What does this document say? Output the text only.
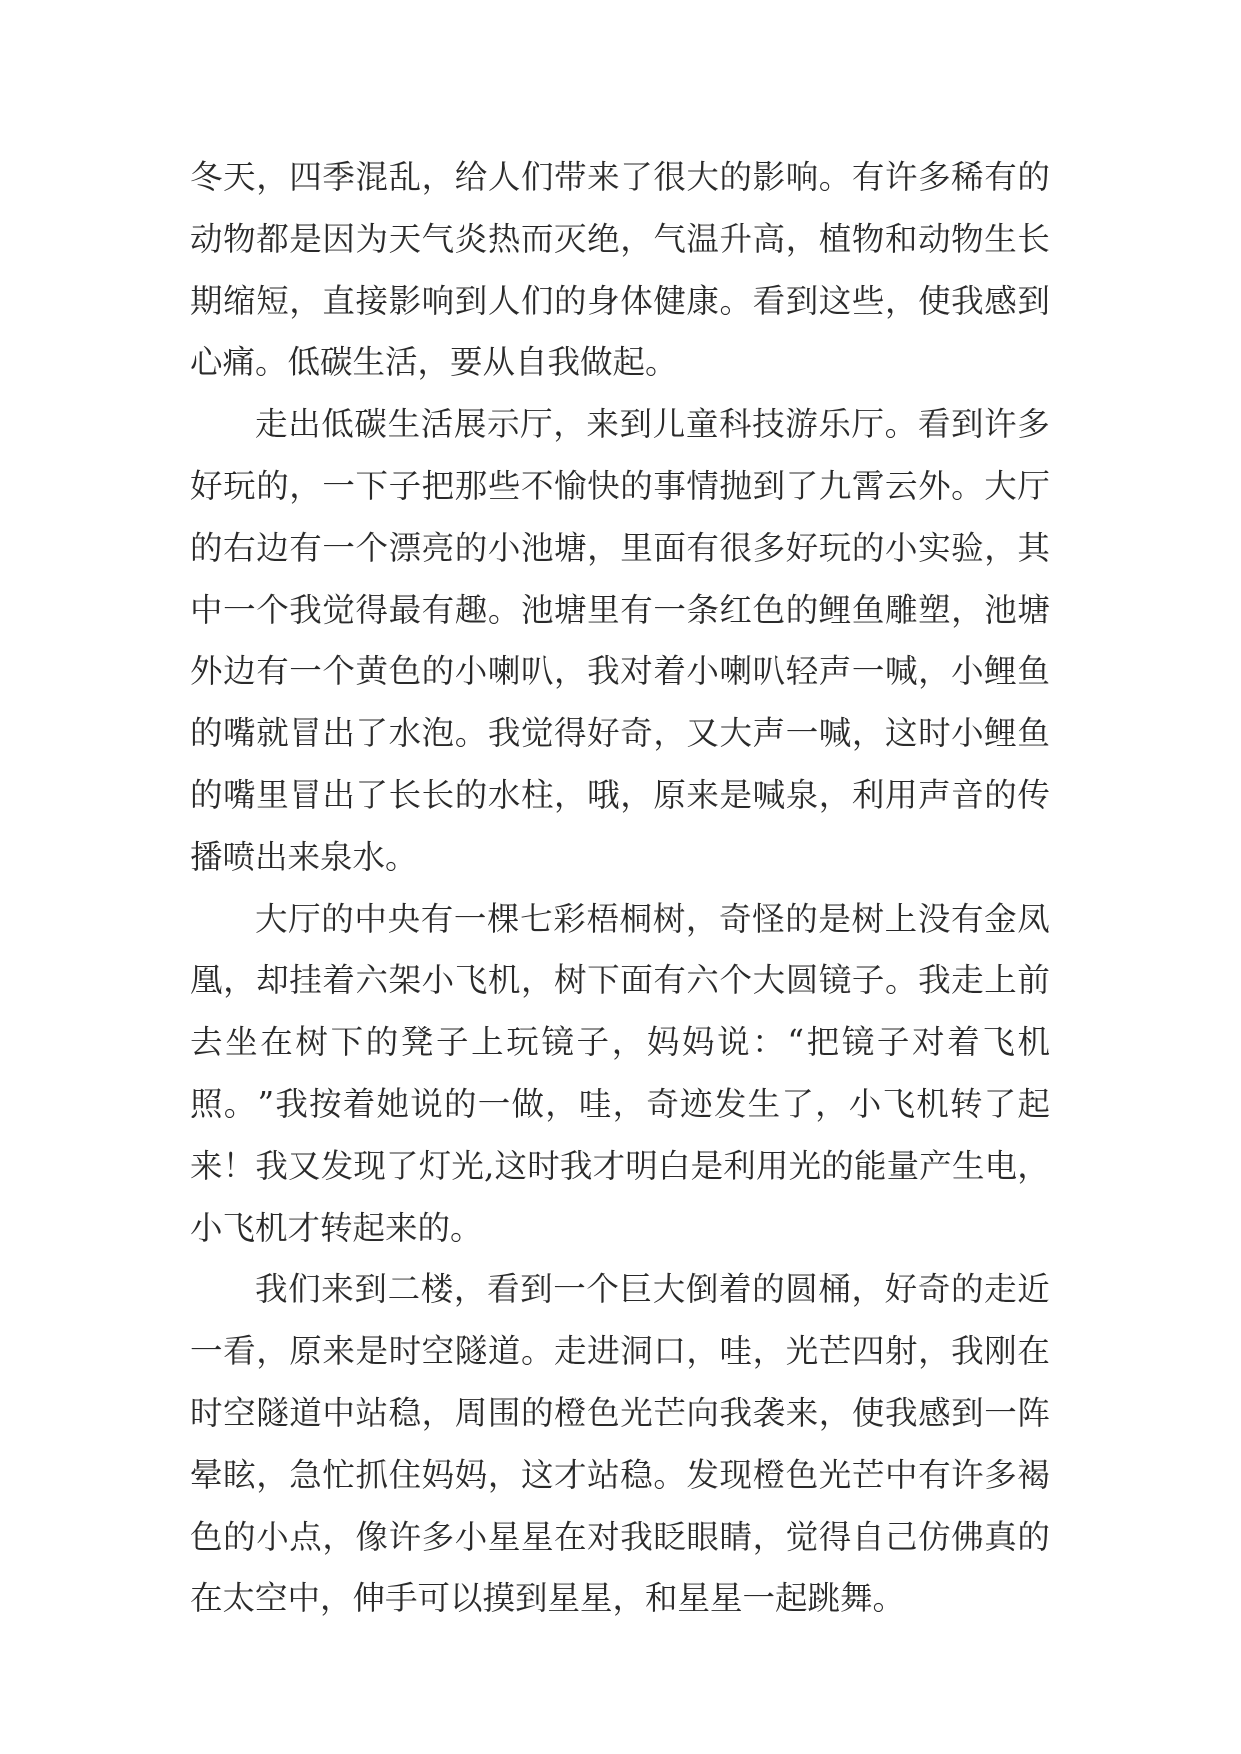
冬 天 ， 四 季 混 乱 ， 给 人 们 带 来 了 很 大 的 影 响 。 有 许 多 稀 有 的
动 物 都 是 因 为 天 气 炎 热 而 灭 绝 ， 气 温 升 高 ， 植 物 和 动 物 生 长
期 缩 短 ， 直 接 影 响 到 人 们 的 身 体 健 康 。 看 到 这 些 ， 使 我 感 到
心痛。低碳生活，要从自我做起。
走 出 低 碳 生 活 展 示 厅 ， 来 到 儿 童 科 技 游 乐 厅 。 看 到 许 多
好 玩 的 ， 一 下 子 把 那 些 不 愉 快 的 事 情 抛 到 了 九 霄 云 外 。 大 厅
的 右 边 有 一 个 漂 亮 的 小 池 塘 ， 里 面 有 很 多 好 玩 的 小 实 验 ， 其
中 一 个 我 觉 得 最 有 趣 。 池 塘 里 有 一 条 红 色 的 鲤 鱼 雕 塑 ， 池 塘
外 边 有 一 个 黄 色 的 小 喇 叭 ， 我 对 着 小 喇 叭 轻 声 一 喊 ， 小 鲤 鱼
的 嘴 就 冒 出 了 水 泡 。 我 觉 得 好 奇 ， 又 大 声 一 喊 ， 这 时 小 鲤 鱼
的 嘴 里 冒 出 了 长 长 的 水 柱 ， 哦 ， 原 来 是 喊 泉 ， 利 用 声 音 的 传
播喷出来泉水。
大 厅 的 中 央 有 一 棵 七 彩 梧 桐 树 ， 奇 怪 的 是 树 上 没 有 金 凤
凰 ， 却 挂 着 六 架 小 飞 机 ， 树 下 面 有 六 个 大 圆 镜 子 。 我 走 上 前
去 坐 在 树 下 的 凳 子 上 玩 镜 子 ， 妈 妈 说 ： “ 把 镜 子 对 着 飞 机
照 。 ” 我 按 着 她 说 的 一 做 ， 哇 ， 奇 迹 发 生 了 ， 小 飞 机 转 了 起
来 ！ 我 又 发 现 了 灯 光 , 这 时 我 才 明 白 是 利 用 光 的 能 量 产 生 电 ，
小飞机才转起来的。
我 们 来 到 二 楼 ， 看 到 一 个 巨 大 倒 着 的 圆 桶 ， 好 奇 的 走 近
一 看 ， 原 来 是 时 空 隧 道 。 走 进 洞 口 ， 哇 ， 光 芒 四 射 ， 我 刚 在
时 空 隧 道 中 站 稳 ， 周 围 的 橙 色 光 芒 向 我 袭 来 ， 使 我 感 到 一 阵
晕 眩 ， 急 忙 抓 住 妈 妈 ， 这 才 站 稳 。 发 现 橙 色 光 芒 中 有 许 多 褐
色 的 小 点 ， 像 许 多 小 星 星 在 对 我 眨 眼 睛 ， 觉 得 自 己 仿 佛 真 的
在太空中，伸手可以摸到星星，和星星一起跳舞。
